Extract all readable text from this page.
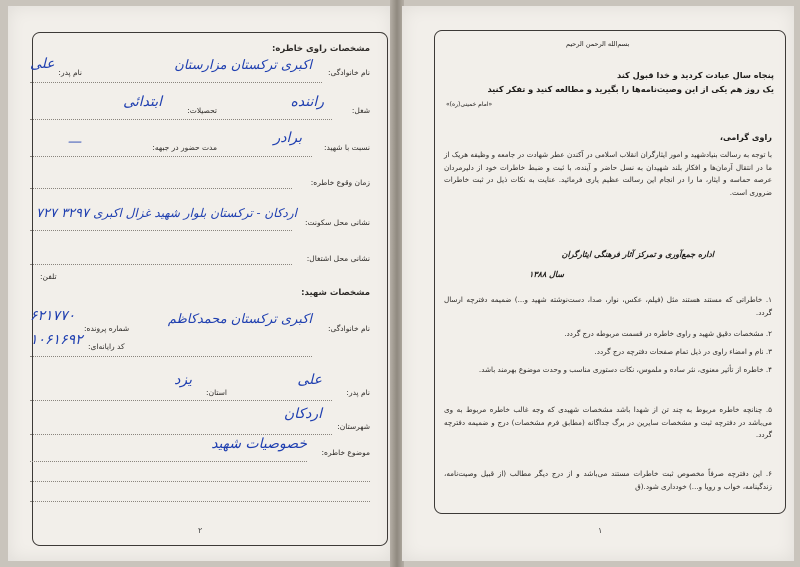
مشخصات راوی خاطره:
نام خانوادگی:
اکبری ترکستان مزارستان
نام پدر:
علی
شغل:
راننده
تحصیلات:
ابتدائی
نسبت با شهید:
برادر
مدت حضور در جبهه:
—
زمان وقوع خاطره:
نشانی محل سکونت:
اردکان - ترکستان بلوار شهید غزال اکبری
۷۲۷ ۳۲۹۷
نشانی محل اشتغال:
تلفن:
مشخصات شهید:
نام خانوادگی:
اکبری ترکستان محمدکاظم
شماره پرونده:
۶۲۱۷۷۰
کد رایانه‌ای:
۱۰۶۱۶۹۲
نام پدر:
علی
استان:
یزد
شهرستان:
اردکان
موضوع خاطره:
خصوصیات شهید
۲
بسم‌الله الرحمن الرحیم
پنجاه سال عبادت کردید و خدا قبول کند
یک روز هم یکی از این وصیت‌نامه‌ها را بگیرید و مطالعه کنید و تفکر کنید
«امام خمینی(ره)»
راوی گرامی،
با توجه به رسالت بنیادشهید و امور ایثارگران انقلاب اسلامی در آکندن عطر شهادت در جامعه و وظیفه هریک از ما در انتقال آرمان‌ها و افکار بلند شهیدان به نسل حاضر و آینده، با ثبت و ضبط خاطرات خود از دلیرمردان عرصه حماسه و ایثار، ما را در انجام این رسالت عظیم یاری فرمائید. عنایت به نکات ذیل در ثبت خاطرات ضروری است.
اداره جمع‌آوری و تمرکز آثار فرهنگی ایثارگران
سال ۱۳۸۸
۱. خاطراتی که مستند هستند مثل (فیلم، عکس، نوار، صدا، دست‌نوشته شهید و...) ضمیمه دفترچه ارسال گردد.
۲. مشخصات دقیق شهید و راوی خاطره در قسمت مربوطه درج گردد.
۳. نام و امضاء راوی در ذیل تمام صفحات دفترچه درج گردد.
۴. خاطره از تأثیر معنوی، نثر ساده و ملموس، نکات دستوری مناسب و وحدت موضوع بهرمند باشد.
۵. چنانچه خاطره مربوط به چند تن از شهدا باشد مشخصات شهیدی که وجه غالب خاطره مربوط به وی می‌باشد در دفترچه ثبت و مشخصات سایرین در برگ جداگانه (مطابق فرم مشخصات) درج و ضمیمه دفترچه گردد.
۶. این دفترچه صرفاً مخصوص ثبت خاطرات مستند می‌باشد و از درج دیگر مطالب (از قبیل وصیت‌نامه، زندگینامه، خواب و رویا و...) خودداری شود.(ق
۱
